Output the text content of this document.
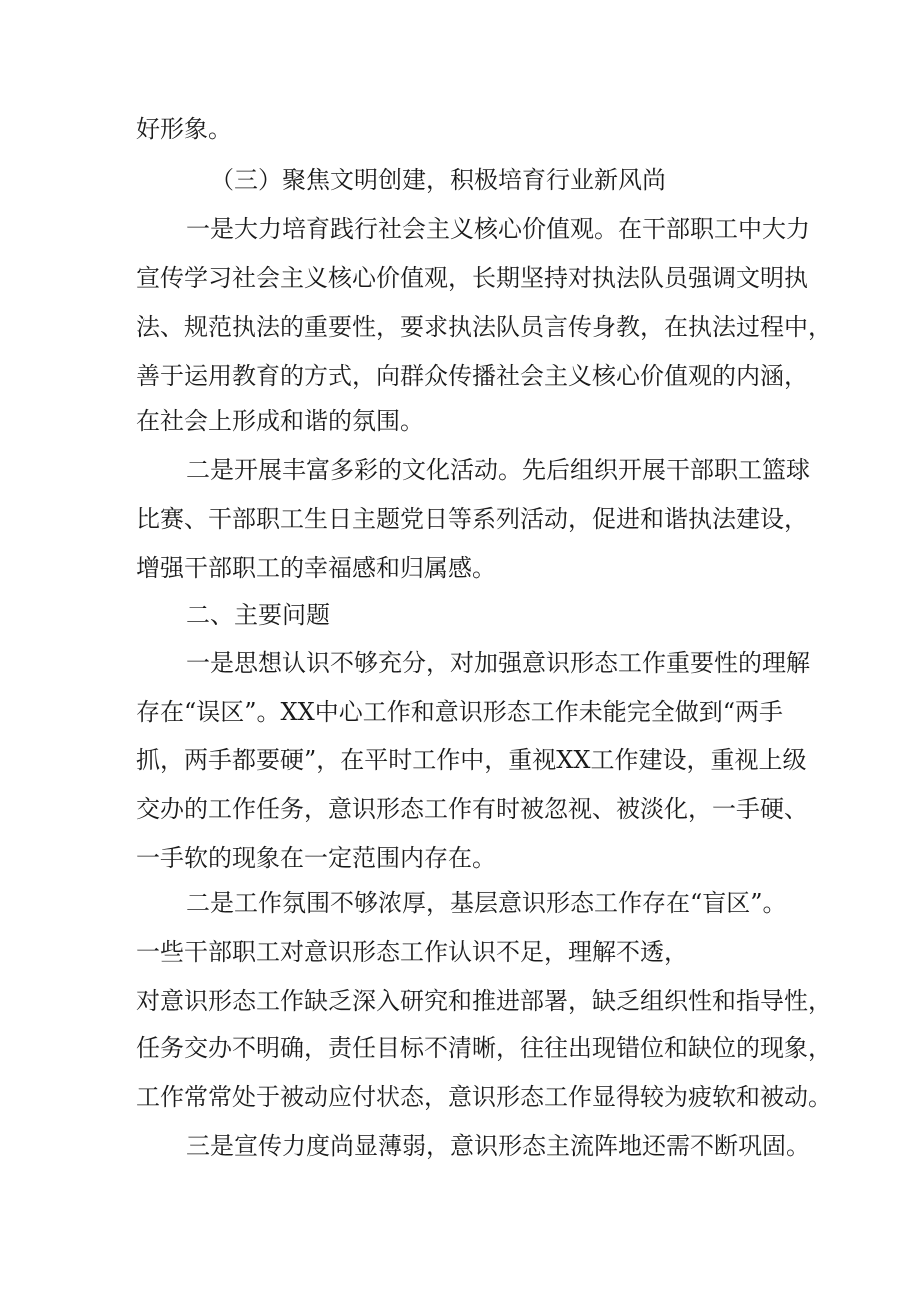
好形象。
（三）聚焦文明创建，积极培育行业新风尚
一是大力培育践行社会主义核心价值观。在干部职工中大力
宣传学习社会主义核心价值观，长期坚持对执法队员强调文明执
法、规范执法的重要性，要求执法队员言传身教，在执法过程中，
善于运用教育的方式，向群众传播社会主义核心价值观的内涵，
在社会上形成和谐的氛围。
二是开展丰富多彩的文化活动。先后组织开展干部职工篮球
比赛、干部职工生日主题党日等系列活动，促进和谐执法建设，
增强干部职工的幸福感和归属感。
二、主要问题
一是思想认识不够充分，对加强意识形态工作重要性的理解
存在“误区”。XX中心工作和意识形态工作未能完全做到“两手
抓，两手都要硬”，在平时工作中，重视XX工作建设，重视上级
交办的工作任务，意识形态工作有时被忽视、被淡化，一手硬、
一手软的现象在一定范围内存在。
二是工作氛围不够浓厚，基层意识形态工作存在“盲区”。
一些干部职工对意识形态工作认识不足，理解不透，
对意识形态工作缺乏深入研究和推进部署，缺乏组织性和指导性，
任务交办不明确，责任目标不清晰，往往出现错位和缺位的现象，
工作常常处于被动应付状态，意识形态工作显得较为疲软和被动。
三是宣传力度尚显薄弱，意识形态主流阵地还需不断巩固。
